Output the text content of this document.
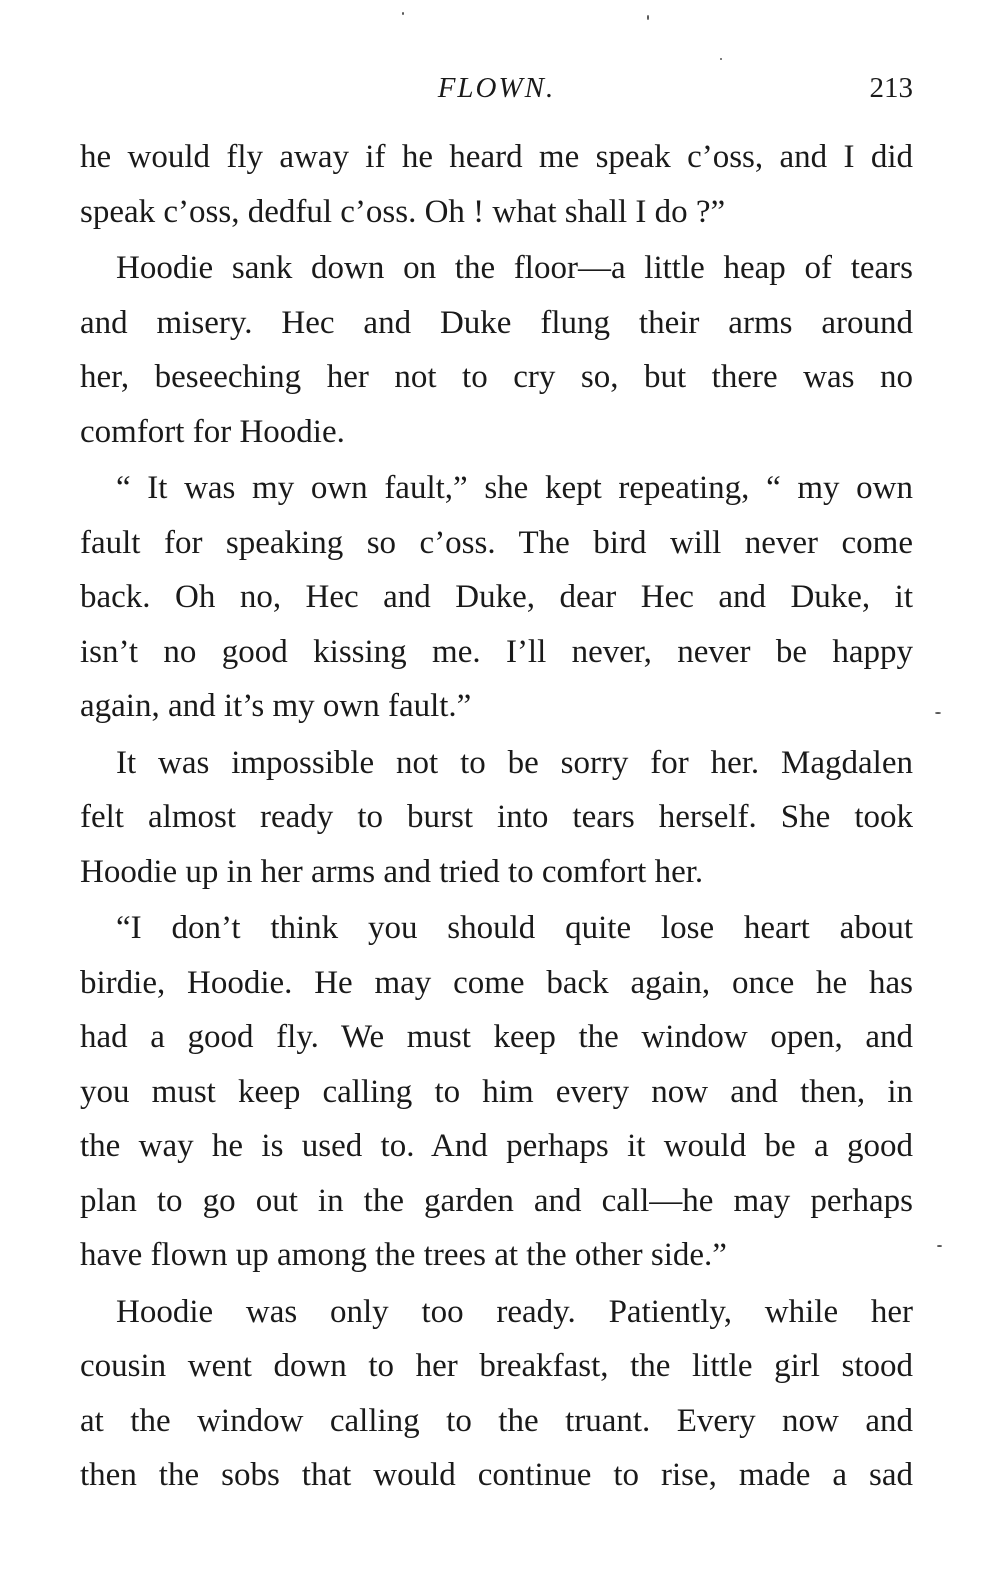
FLOWN.	213
he would fly away if he heard me speak c’oss, and I did
speak c’oss, dedful c’oss. Oh ! what shall I do ?”
Hoodie sank down on the floor—a little heap of tears
and misery. Hec and Duke flung their arms around
her, beseeching her not to cry so, but there was no
comfort for Hoodie.
“ It was my own fault,” she kept repeating, “ my own
fault for speaking so c’oss. The bird will never come
back. Oh no, Hec and Duke, dear Hec and Duke, it
isn’t no good kissing me. I’ll never, never be happy
again, and it’s my own fault.”
It was impossible not to be sorry for her. Magdalen
felt almost ready to burst into tears herself. She took
Hoodie up in her arms and tried to comfort her.
“I don’t think you should quite lose heart about
birdie, Hoodie. He may come back again, once he has
had a good fly. We must keep the window open, and
you must keep calling to him every now and then, in
the way he is used to. And perhaps it would be a good
plan to go out in the garden and call—he may perhaps
have flown up among the trees at the other side.”
Hoodie was only too ready. Patiently, while her
cousin went down to her breakfast, the little girl stood
at the window calling to the truant. Every now and
then the sobs that would continue to rise, made a sad
